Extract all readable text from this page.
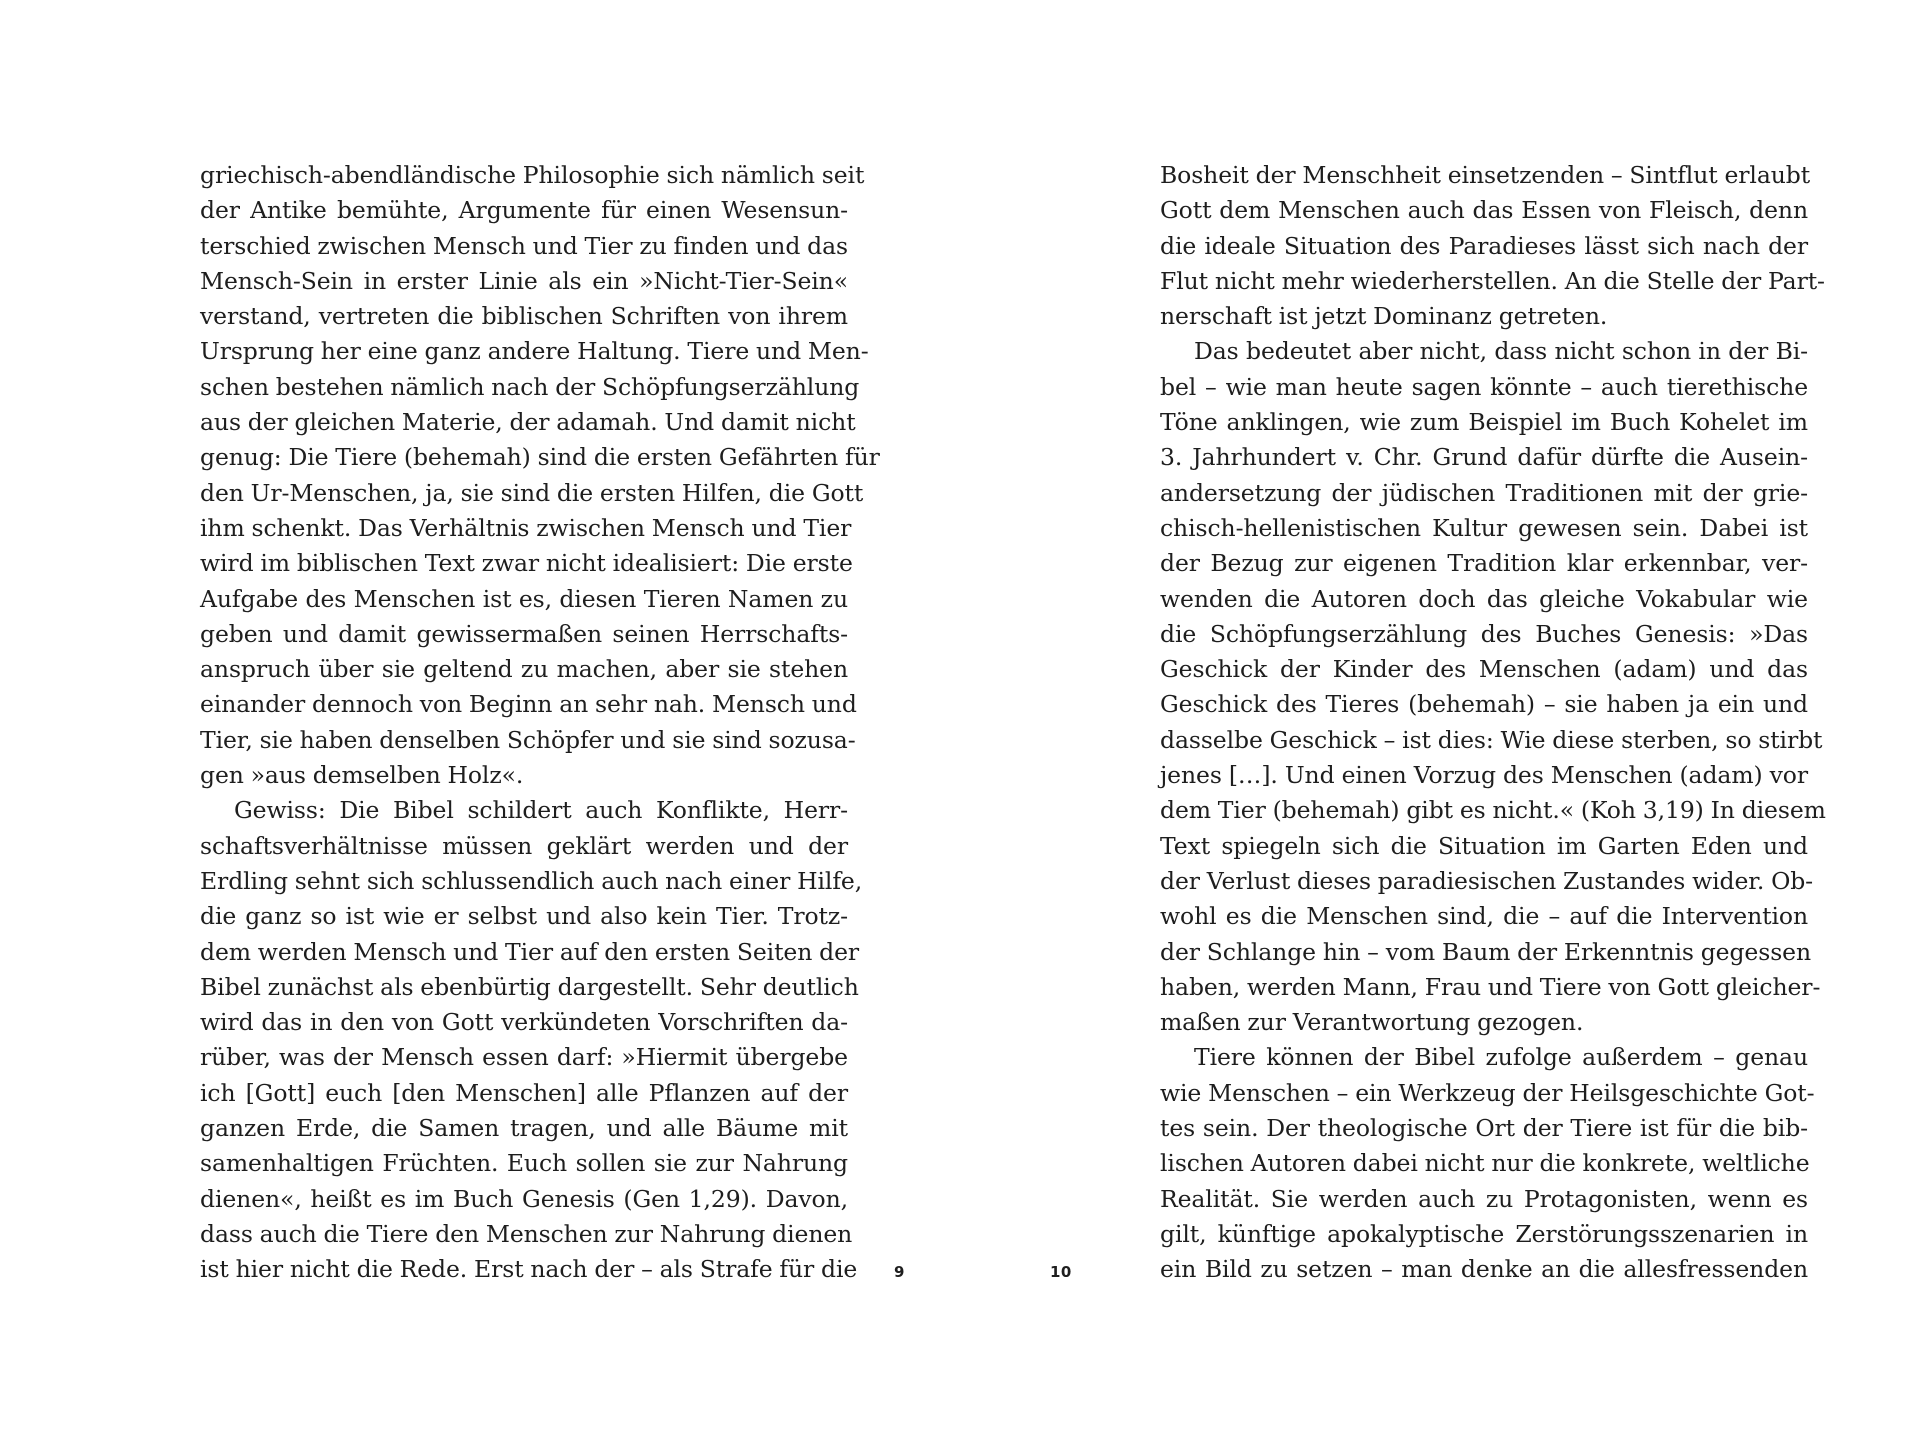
griechisch-abendländische Philosophie sich nämlich seit
der Antike bemühte, Argumente für einen Wesensun-
terschied zwischen Mensch und Tier zu finden und das
Mensch-Sein in erster Linie als ein »Nicht-Tier-Sein«
verstand, vertreten die biblischen Schriften von ihrem
Ursprung her eine ganz andere Haltung. Tiere und Men-
schen bestehen nämlich nach der Schöpfungserzählung
aus der gleichen Materie, der adamah. Und damit nicht
genug: Die Tiere (behemah) sind die ersten Gefährten für
den Ur-Menschen, ja, sie sind die ersten Hilfen, die Gott
ihm schenkt. Das Verhältnis zwischen Mensch und Tier
wird im biblischen Text zwar nicht idealisiert: Die erste
Aufgabe des Menschen ist es, diesen Tieren Namen zu
geben und damit gewissermaßen seinen Herrschafts-
anspruch über sie geltend zu machen, aber sie stehen
einander dennoch von Beginn an sehr nah. Mensch und
Tier, sie haben denselben Schöpfer und sie sind sozusa-
gen »aus demselben Holz«.
Gewiss: Die Bibel schildert auch Konflikte, Herr-
schaftsverhältnisse müssen geklärt werden und der
Erdling sehnt sich schlussendlich auch nach einer Hilfe,
die ganz so ist wie er selbst und also kein Tier. Trotz-
dem werden Mensch und Tier auf den ersten Seiten der
Bibel zunächst als ebenbürtig dargestellt. Sehr deutlich
wird das in den von Gott verkündeten Vorschriften da-
rüber, was der Mensch essen darf: »Hiermit übergebe
ich [Gott] euch [den Menschen] alle Pflanzen auf der
ganzen Erde, die Samen tragen, und alle Bäume mit
samenhaltigen Früchten. Euch sollen sie zur Nahrung
dienen«, heißt es im Buch Genesis (Gen 1,29). Davon,
dass auch die Tiere den Menschen zur Nahrung dienen
ist hier nicht die Rede. Erst nach der – als Strafe für die 9	10
Bosheit der Menschheit einsetzenden – Sintflut erlaubt
Gott dem Menschen auch das Essen von Fleisch, denn
die ideale Situation des Paradieses lässt sich nach der
Flut nicht mehr wiederherstellen. An die Stelle der Part-
nerschaft ist jetzt Dominanz getreten.
Das bedeutet aber nicht, dass nicht schon in der Bi-
bel – wie man heute sagen könnte – auch tierethische
Töne anklingen, wie zum Beispiel im Buch Kohelet im
3. Jahrhundert v. Chr. Grund dafür dürfte die Ausein-
andersetzung der jüdischen Traditionen mit der grie-
chisch-hellenistischen Kultur gewesen sein. Dabei ist
der Bezug zur eigenen Tradition klar erkennbar, ver-
wenden die Autoren doch das gleiche Vokabular wie
die Schöpfungserzählung des Buches Genesis: »Das
Geschick der Kinder des Menschen (adam) und das
Geschick des Tieres (behemah) – sie haben ja ein und
dasselbe Geschick – ist dies: Wie diese sterben, so stirbt
jenes […]. Und einen Vorzug des Menschen (adam) vor
dem Tier (behemah) gibt es nicht.« (Koh 3,19) In diesem
Text spiegeln sich die Situation im Garten Eden und
der Verlust dieses paradiesischen Zustandes wider. Ob-
wohl es die Menschen sind, die – auf die Intervention
der Schlange hin – vom Baum der Erkenntnis gegessen
haben, werden Mann, Frau und Tiere von Gott gleicher-
maßen zur Verantwortung gezogen.
Tiere können der Bibel zufolge außerdem – genau
wie Menschen – ein Werkzeug der Heilsgeschichte Got-
tes sein. Der theologische Ort der Tiere ist für die bib-
lischen Autoren dabei nicht nur die konkrete, weltliche
Realität. Sie werden auch zu Protagonisten, wenn es
gilt, künftige apokalyptische Zerstörungsszenarien in
ein Bild zu setzen – man denke an die allesfressenden
